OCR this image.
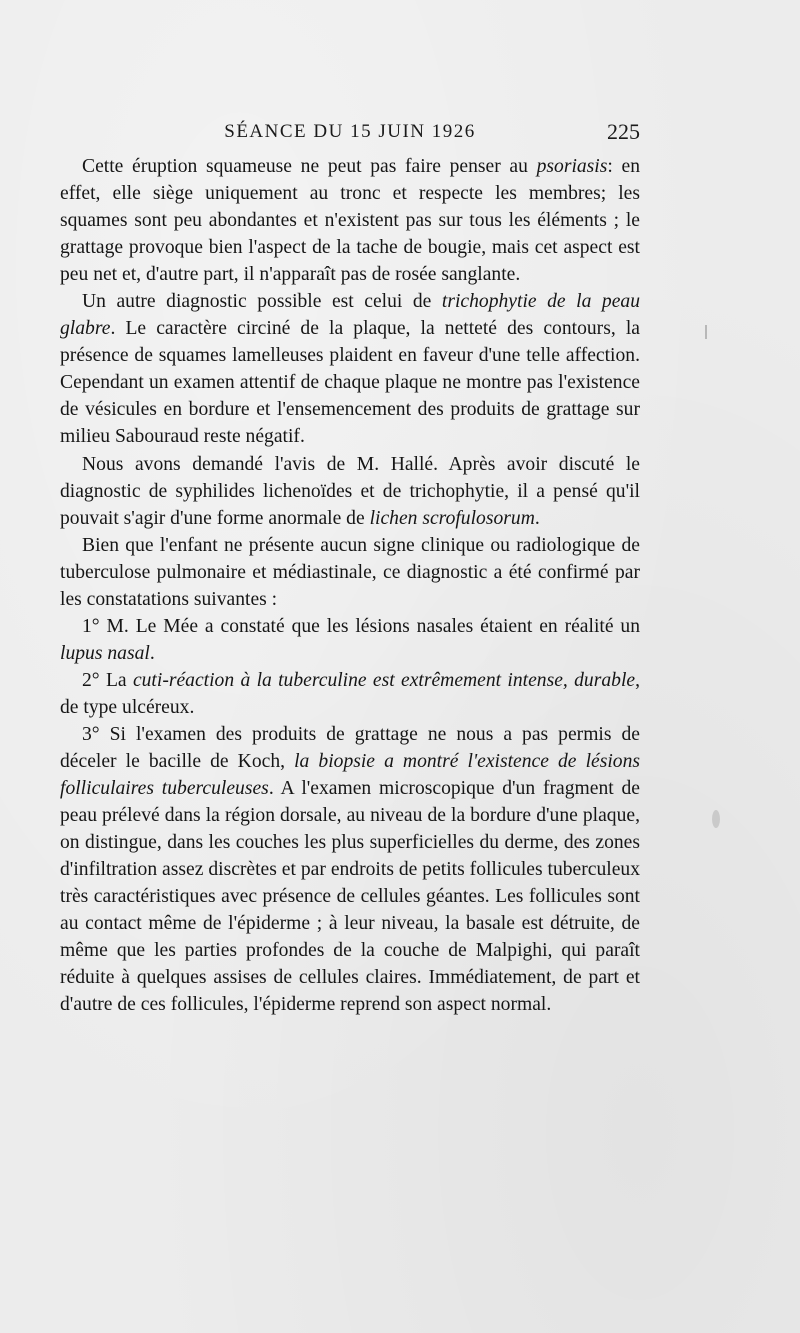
SÉANCE DU 15 JUIN 1926	225

Cette éruption squameuse ne peut pas faire penser au psoriasis: en effet, elle siège uniquement au tronc et respecte les membres; les squames sont peu abondantes et n'existent pas sur tous les éléments ; le grattage provoque bien l'aspect de la tache de bougie, mais cet aspect est peu net et, d'autre part, il n'apparaît pas de rosée sanglante.

Un autre diagnostic possible est celui de trichophytie de la peau glabre. Le caractère circiné de la plaque, la netteté des contours, la présence de squames lamelleuses plaident en faveur d'une telle affection. Cependant un examen attentif de chaque plaque ne montre pas l'existence de vésicules en bordure et l'ensemencement des produits de grattage sur milieu Sabouraud reste négatif.

Nous avons demandé l'avis de M. Hallé. Après avoir discuté le diagnostic de syphilides lichenoïdes et de trichophytie, il a pensé qu'il pouvait s'agir d'une forme anormale de lichen scrofulosorum.

Bien que l'enfant ne présente aucun signe clinique ou radiologique de tuberculose pulmonaire et médiastinale, ce diagnostic a été confirmé par les constatations suivantes :

1° M. Le Mée a constaté que les lésions nasales étaient en réalité un lupus nasal.

2° La cuti-réaction à la tuberculine est extrêmement intense, durable, de type ulcéreux.

3° Si l'examen des produits de grattage ne nous a pas permis de déceler le bacille de Koch, la biopsie a montré l'existence de lésions folliculaires tuberculeuses. A l'examen microscopique d'un fragment de peau prélevé dans la région dorsale, au niveau de la bordure d'une plaque, on distingue, dans les couches les plus superficielles du derme, des zones d'infiltration assez discrètes et par endroits de petits follicules tuberculeux très caractéristiques avec présence de cellules géantes. Les follicules sont au contact même de l'épiderme ; à leur niveau, la basale est détruite, de même que les parties profondes de la couche de Malpighi, qui paraît réduite à quelques assises de cellules claires. Immédiatement, de part et d'autre de ces follicules, l'épiderme reprend son aspect normal.
